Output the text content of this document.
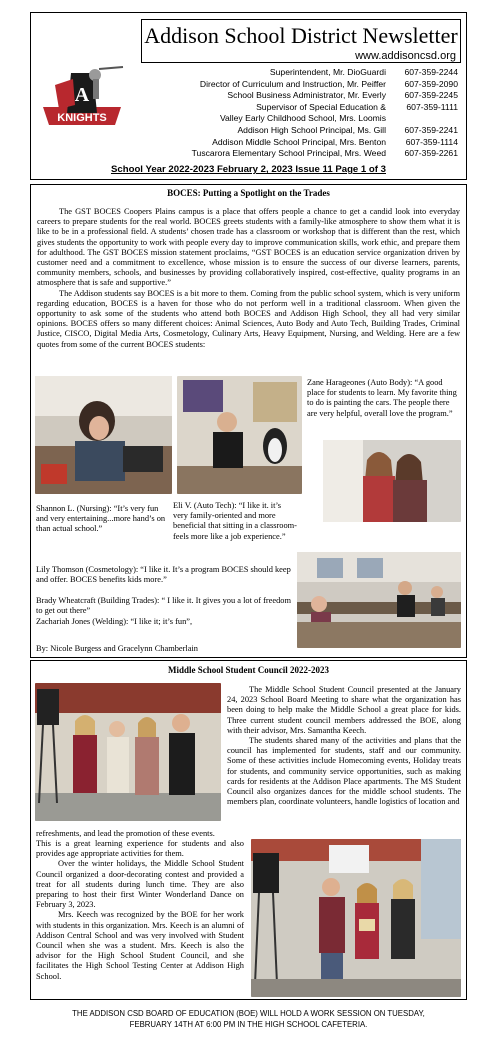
Addison School District Newsletter
www.addisoncsd.org
A
KNIGHTS
Superintendent, Mr. DioGuardi	607-359-2244
Director of Curriculum and Instruction, Mr. Peiffer	607-359-2090
School Business Administrator, Mr. Everly	607-359-2245
Supervisor of Special Education &	607-359-1111
Valley Early Childhood School, Mrs. Loomis
Addison High School Principal, Ms. Gill	607-359-2241
Addison Middle School Principal, Mrs. Benton	607-359-1114
Tuscarora Elementary School Principal, Mrs. Weed	607-359-2261
School Year 2022-2023 February 2, 2023 Issue 11 Page 1 of 3
BOCES: Putting a Spotlight on the Trades

The GST BOCES Coopers Plains campus is a place that offers people a chance to get a candid look into everyday careers to prepare students for the real world. BOCES greets students with a family-like atmosphere to show them what it is like to be in a professional field. A students’ chosen trade has a classroom or workshop that is different than the rest, which gives students the opportunity to work with people every day to improve communication skills, work ethic, and prepare them for adulthood. The GST BOCES mission statement proclaims, “GST BOCES is an education service organization driven by customer need and a commitment to excellence, whose mission is to ensure the success of our diverse learners, parents, community members, schools, and businesses by providing collaboratively inspired, cost-effective, quality programs in an atmosphere that is safe and supportive.”

The Addison students say BOCES is a bit more to them. Coming from the public school system, which is very uniform regarding education, BOCES is a haven for those who do not perform well in a traditional classroom. When given the opportunity to ask some of the students who attend both BOCES and Addison High School, they all had very similar opinions. BOCES offers so many different choices: Animal Sciences, Auto Body and Auto Tech, Building Trades, Criminal Justice, CISCO, Digital Media Arts, Cosmetology, Culinary Arts, Heavy Equipment, Nursing, and Welding. Here are a few quotes from some of the current BOCES students:

Zane Harageones (Auto Body): “A good place for students to learn. My favorite thing to do is painting the cars. The people there are very helpful, overall love the program.”
Shannon L. (Nursing): “It’s very fun and very entertaining...more hand’s on than actual school.”
Eli V. (Auto Tech): “I like it. it’s very family-oriented and more beneficial that sitting in a classroom-feels more like a job experience.”
Lily Thomson (Cosmetology): “I like it. It’s a program BOCES should keep and offer. BOCES benefits kids more.”
Brady Wheatcraft (Building Trades): “ I like it. It gives you a lot of freedom to get out there”
Zachariah Jones (Welding): “I like it; it’s fun”,
By: Nicole Burgess and Gracelynn Chamberlain
Middle School Student Council 2022-2023

The Middle School Student Council presented at the January 24, 2023 School Board Meeting to share what the organization has been doing to help make the Middle School a great place for kids. Three current student council members addressed the BOE, along with their advisor, Mrs. Samantha Keech.

The students shared many of the activities and plans that the council has implemented for students, staff and our community. Some of these activities include Homecoming events, Holiday treats for students, and community service opportunities, such as making cards for residents at the Addison Place apartments. The MS Student Council also organizes dances for the middle school students. The members plan, coordinate volunteers, handle logistics of location and

refreshments, and lead the promotion of these events.

This is a great learning experience for students and also provides age appropriate activities for them.

Over the winter holidays, the Middle School Student Council organized a door-decorating contest and provided a treat for all students during lunch time. They are also preparing to host their first Winter Wonderland Dance on February 3, 2023.

Mrs. Keech was recognized by the BOE for her work with students in this organization. Mrs. Keech is an alumni of Addison Central School and was very involved with Student Council when she was a student. Mrs. Keech is also the advisor for the High School Student Council, and she facilitates the High School Testing Center at Addison High School.

THE ADDISON CSD BOARD OF EDUCATION (BOE) WILL HOLD A WORK SESSION ON TUESDAY,
FEBRUARY 14TH AT 6:00 PM IN THE HIGH SCHOOL CAFETERIA.
